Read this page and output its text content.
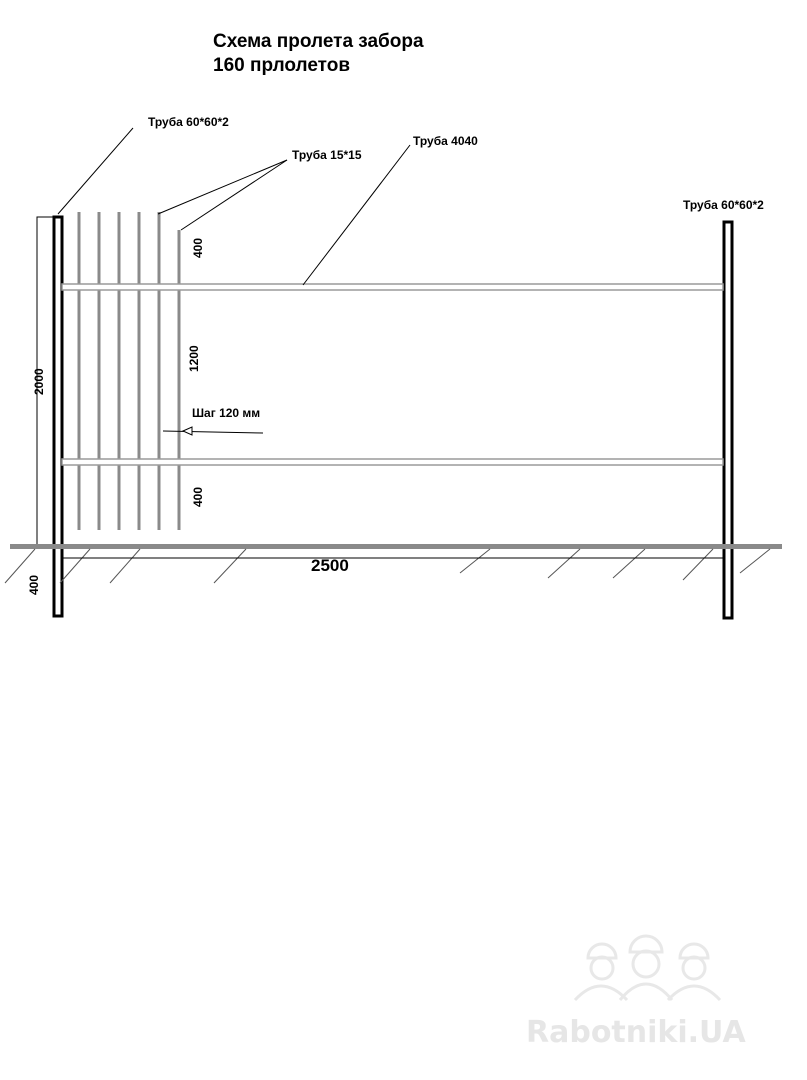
Схема пролета забора
160 прлолетов
Rabotniki.UA
2000
400
400
1200
400
Труба 60*60*2
Труба 15*15
Труба 4040
Труба 60*60*2
Шаг 120 мм
2500
